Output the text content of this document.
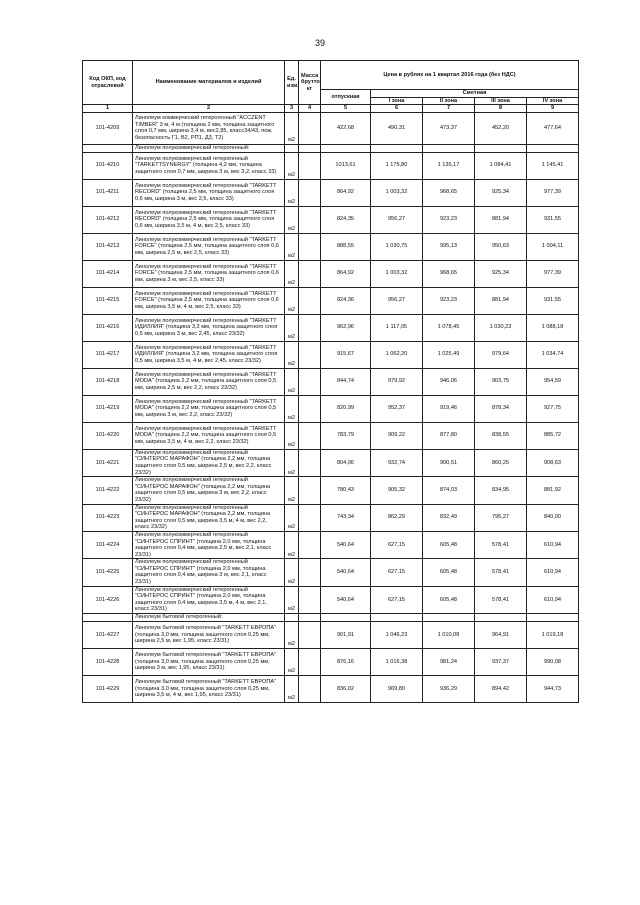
39
Код ОКП, код отраслевой	Наименование материалов и изделий	Ед. изм.	Масса брутто, кг	Цена в рублях на 1 квартал 2016 года (без НДС)				
				отпускная	Сметная			
					I зона	II зона	III зона	IV зона
1	2	3	4	5	6	7	8	9
101-4209	Линолеум коммерческий гетерогенный "ACCZENT TIMBER" 3 м, 4 м (толщина 2 мм, толщина защитного слоя 0,7 мм, ширина 3,4 м, вес2,85, класс34/43, пож. безопасность Г1, В2, РП1, Д3, Т2)	м2		422,68	490,31	473,37	452,20	477,64
	Линолеум полукоммерческий гетерогенный:							
101-4210	Линолеум полукоммерческий гетерогенный "TARKETTSYNERGY" (толщина 4,2 мм, толщина защитного слоя 0,7 мм, ширина 3 м, вес 3,2, класс 33)	м2		1013,61	1 175,80	1 135,17	1 084,41	1 145,41
101-4211	Линолеум полукоммерческий гетерогенный "TARKETT RECORD" (толщина 2,5 мм, толщина защитного слоя 0,6 мм, ширина 3 м, вес 2,5, класс 33)	м2		864,92	1 003,32	968,65	925,34	977,39
101-4212	Линолеум полукоммерческий гетерогенный "TARKETT RECORD" (толщина 2,5 мм, толщина защитного слоя 0,6 мм, ширина 3,5 м, 4 м, вес 2,5, класс 33)	м2		824,35	956,27	923,23	881,94	931,55
101-4213	Линолеум полукоммерческий гетерогенный "TARKETT FORCE" (толщина 2,5 мм, толщина защитного слоя 0,6 мм, ширина 2,5 м, вес 2,5, класс 33)	м2		888,55	1 030,75	995,13	950,63	1 004,11
101-4214	Линолеум полукоммерческий гетерогенный "TARKETT FORCE" (толщина 2,5 мм, толщина защитного слоя 0,6 мм, ширина 3 м, вес 2,5, класс 33)	м2		864,92	1 003,32	968,65	925,34	977,39
101-4215	Линолеум полукоммерческий гетерогенный "TARKETT FORCE" (толщина 2,5 мм, толщина защитного слоя 0,6 мм, ширина 3,5 м, 4 м, вес 2,5, класс 33)	м2		824,36	956,27	923,23	881,94	931,55
101-4216	Линолеум полукоммерческий гетерогенный "TARKETT ИДИЛЛИЯ" (толщина 3,2 мм, толщина защитного слоя 0,5 мм, ширина 3 м, вес 2,45, класс 23/32)	м2		962,96	1 117,05	1 078,45	1 030,23	1 088,18
101-4217	Линолеум полукоммерческий гетерогенный "TARKETT ИДИЛЛИЯ" (толщина 3,2 мм, толщина защитного слоя 0,5 мм, ширина 3,5 м, 4 м, вес 2,45, класс 23/32)	м2		915,67	1 062,20	1 025,49	979,64	1 034,74
101-4218	Линолеум полукоммерческий гетерогенный "TARKETT MODA" (толщина 2,2 мм, толщина защитного слоя 0,5 мм, ширина 2,5 м, вес 2,2, класс 23/32)	м2		844,74	979,92	946,06	903,75	954,59
101-4219	Линолеум полукоммерческий гетерогенный "TARKETT MODA" (толщина 2,2 мм, толщина защитного слоя 0,5 мм, ширина 3 м, вес 2,2, класс 23/32)	м2		820,99	952,37	919,46	878,34	927,75
101-4220	Линолеум полукоммерческий гетерогенный "TARKETT MODA" (толщина 2,2 мм, толщина защитного слоя 0,5 мм, ширина 3,5 м, 4 м, вес 2,2, класс 23/32)	м2		783,79	909,22	877,80	838,55	885,72
101-4221	Линолеум полукоммерческий гетерогенный "СИНТЕРОС МАРАФОН" (толщина 2,2 мм, толщина защитного слоя 0,5 мм, ширина 2,5 м, вес 2,2, класс 23/32)	м2		804,06	932,74	900,51	860,25	908,63
101-4222	Линолеум полукоммерческий гетерогенный "СИНТЕРОС МАРАФОН" (толщина 2,2 мм, толщина защитного слоя 0,5 мм, ширина 3 м, вес 2,2, класс 23/32)	м2		780,43	905,32	874,03	834,95	881,92
101-4223	Линолеум полукоммерческий гетерогенный "СИНТЕРОС МАРАФОН" (толщина 2,2 мм, толщина защитного слоя 0,5 мм, ширина 3,5 м, 4 м, вес 2,2, класс 23/32)	м2		743,34	862,29	832,49	795,27	840,00
101-4224	Линолеум полукоммерческий гетерогенный "СИНТЕРОС СПРИНТ" (толщина 2,0 мм, толщина защитного слоя 0,4 мм, ширина 2,5 м, вес 2,1, класс 23/31)	м2		540,64	627,15	605,48	578,41	610,94
101-4225	Линолеум полукоммерческий гетерогенный "СИНТЕРОС СПРИНТ" (толщина 2,0 мм, толщина защитного слоя 0,4 мм, ширина 3 м, вес 2,1, класс 23/31)	м2		540,64	627,15	605,48	578,41	610,94
101-4226	Линолеум полукоммерческий гетерогенный "СИНТЕРОС СПРИНТ" (толщина 2,0 мм, толщина защитного слоя 0,4 мм, ширина 3,5 м, 4 м, вес 2,1, класс 23/31)	м2		540,64	627,15	605,48	578,41	610,94
	Линолеум бытовой гетерогенный:							
101-4227	Линолеум бытовой гетерогенный "TARKETT ЕВРОПА" (толщина 3,0 мм, толщина защитного слоя 0,25 мм, ширина 2,5 м, вес 1,95, класс 23/31)	м2		901,91	1 046,23	1 010,08	964,91	1 019,18
101-4228	Линолеум бытовой гетерогенный "TARKETT ЕВРОПА" (толщина 3,0 мм, толщина защитного слоя 0,25 мм, ширина 3 м, вес 1,95, класс 23/31)	м2		876,16	1 016,38	981,24	937,37	990,08
101-4229	Линолеум бытовой гетерогенный "TARKETT ЕВРОПА" (толщина 3,0 мм, толщина защитного слоя 0,25 мм, ширина 3,5 м, 4 м, вес 1,95, класс 23/31)	м2		836,02	969,80	936,29	894,42	944,73
